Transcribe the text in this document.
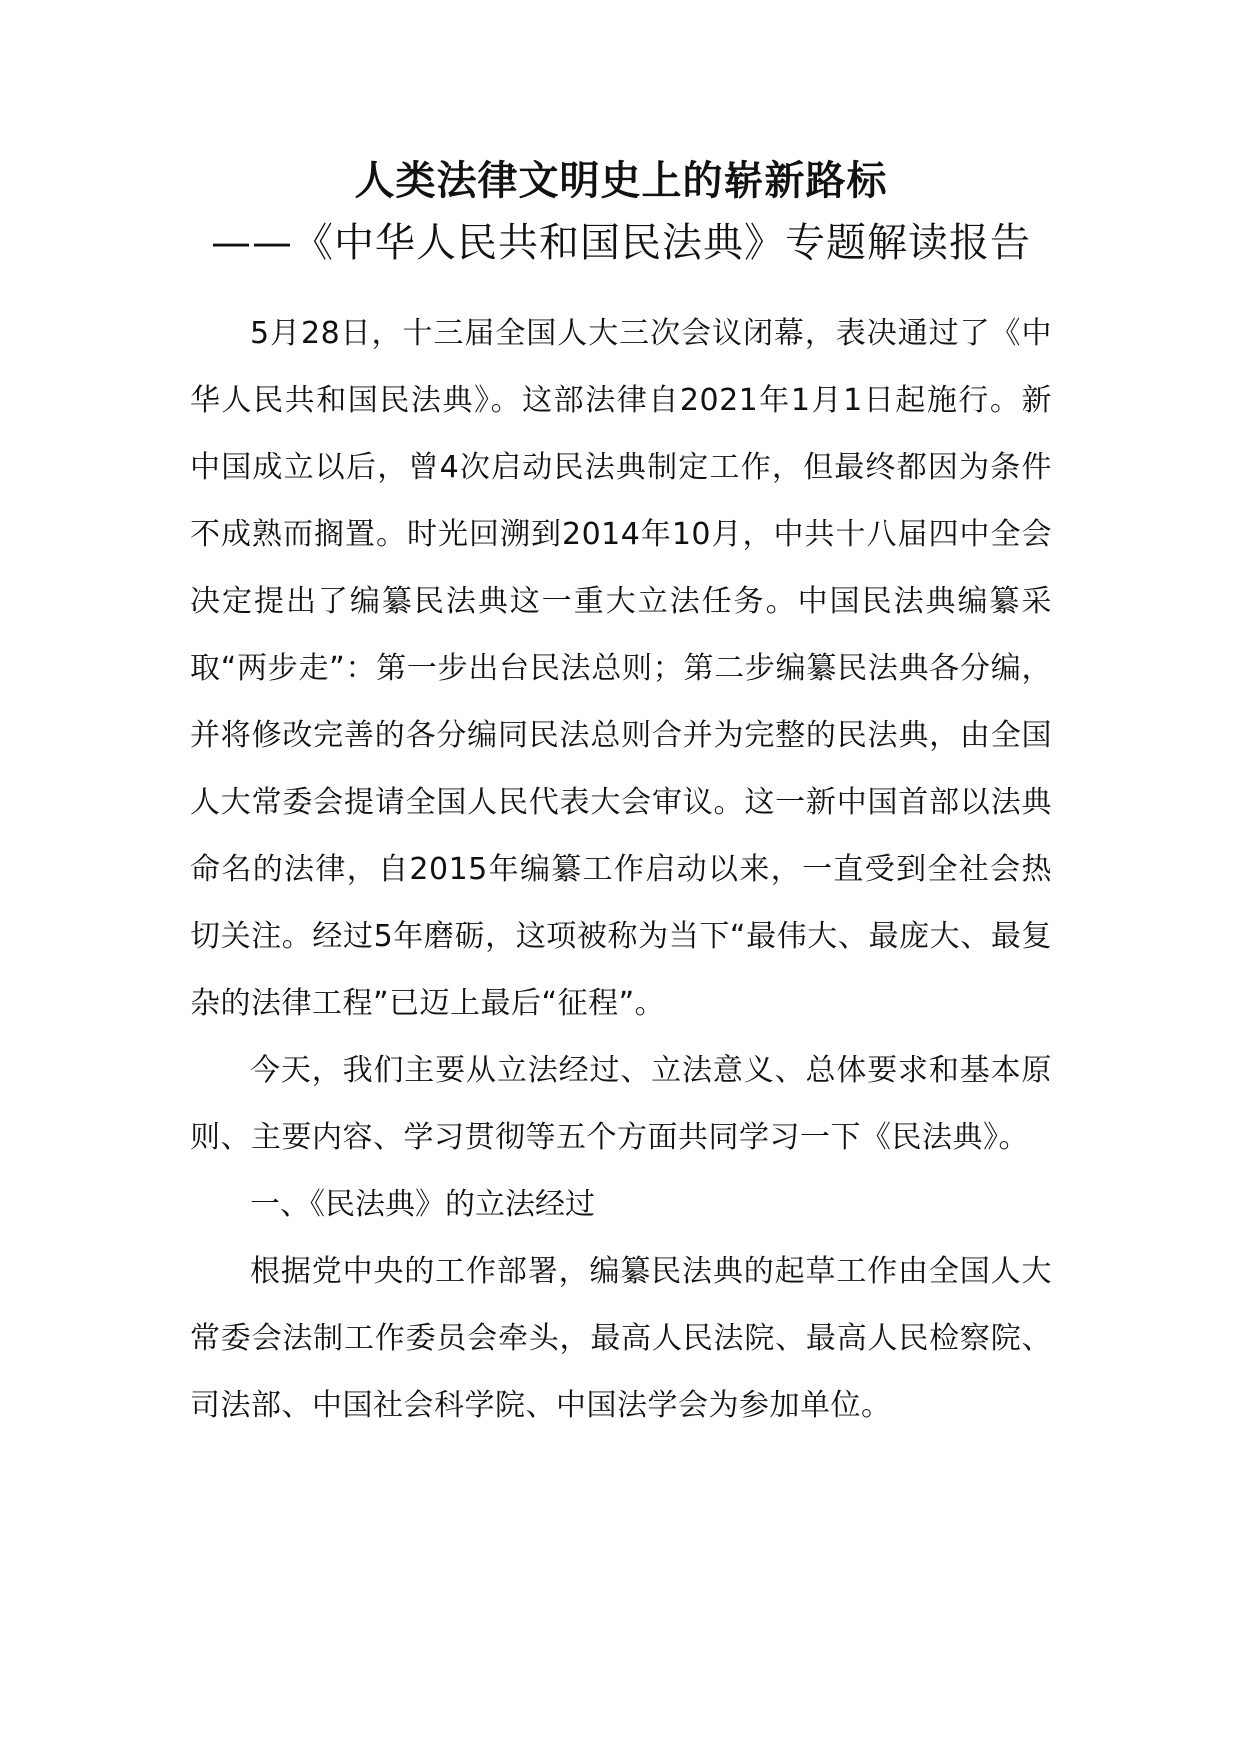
人类法律文明史上的崭新路标
——《中华人民共和国民法典》专题解读报告

5月28日，十三届全国人大三次会议闭幕，表决通过了《中华人民共和国民法典》。这部法律自2021年1月1日起施行。新中国成立以后，曾4次启动民法典制定工作，但最终都因为条件不成熟而搁置。时光回溯到2014年10月，中共十八届四中全会决定提出了编纂民法典这一重大立法任务。中国民法典编纂采取“两步走”：第一步出台民法总则；第二步编纂民法典各分编，并将修改完善的各分编同民法总则合并为完整的民法典，由全国人大常委会提请全国人民代表大会审议。这一新中国首部以法典命名的法律，自2015年编纂工作启动以来，一直受到全社会热切关注。经过5年磨砺，这项被称为当下“最伟大、最庞大、最复杂的法律工程”已迈上最后“征程”。

今天，我们主要从立法经过、立法意义、总体要求和基本原则、主要内容、学习贯彻等五个方面共同学习一下《民法典》。

一、《民法典》的立法经过

根据党中央的工作部署，编纂民法典的起草工作由全国人大常委会法制工作委员会牵头，最高人民法院、最高人民检察院、司法部、中国社会科学院、中国法学会为参加单位。
